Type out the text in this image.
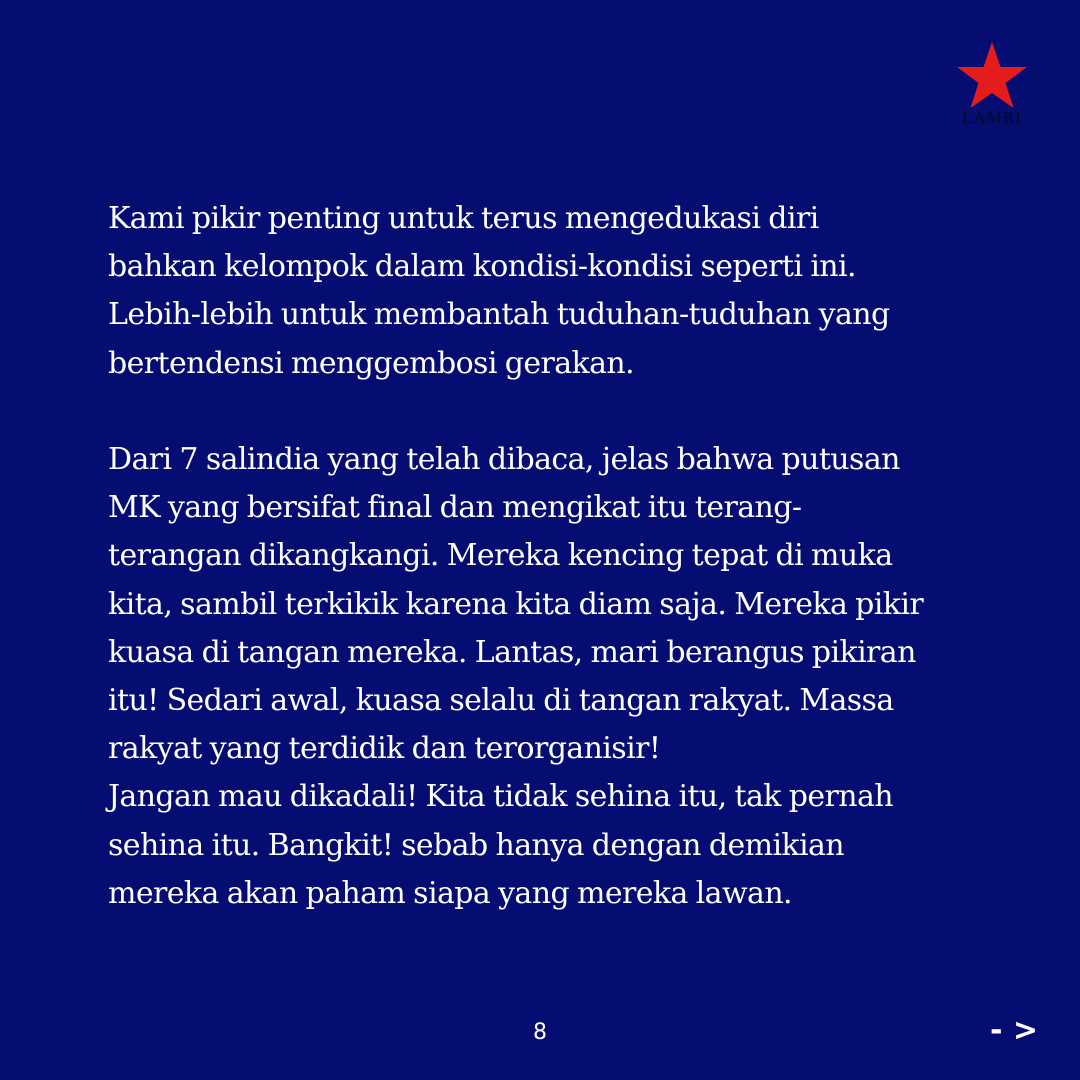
LAMRI
Kami pikir penting untuk terus mengedukasi diri
bahkan kelompok dalam kondisi-kondisi seperti ini.
Lebih-lebih untuk membantah tuduhan-tuduhan yang
bertendensi menggembosi gerakan.
Dari 7 salindia yang telah dibaca, jelas bahwa putusan
MK yang bersifat final dan mengikat itu terang-
terangan dikangkangi. Mereka kencing tepat di muka
kita, sambil terkikik karena kita diam saja. Mereka pikir
kuasa di tangan mereka. Lantas, mari berangus pikiran
itu! Sedari awal, kuasa selalu di tangan rakyat. Massa
rakyat yang terdidik dan terorganisir!
Jangan mau dikadali! Kita tidak sehina itu, tak pernah
sehina itu. Bangkit! sebab hanya dengan demikian
mereka akan paham siapa yang mereka lawan.
8	- >
